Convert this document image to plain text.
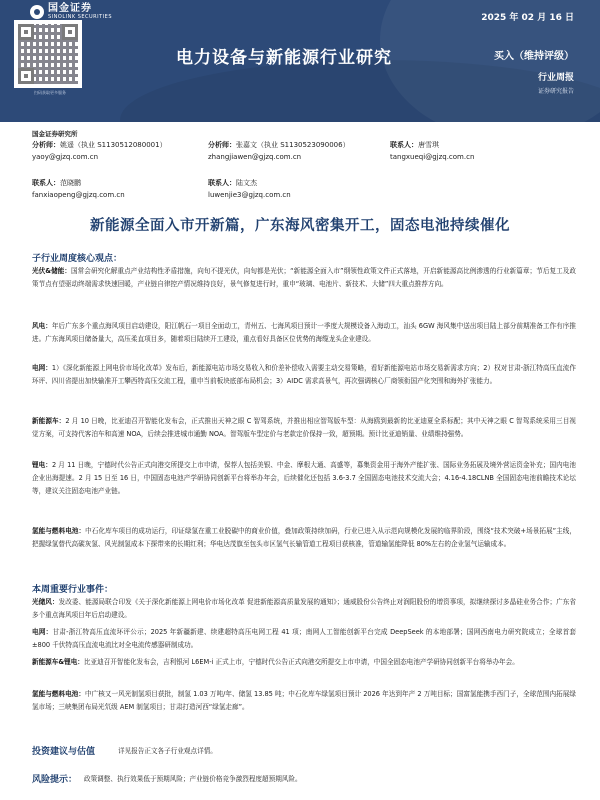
国金证券
SINOLINK SECURITIES
扫码获取更多服务
2025 年 02 月 16 日
电力设备与新能源行业研究	买入（维持评级）
行业周报
证券研究报告
国金证券研究所
分析师：姚遥（执业 S1130512080001）
yaoy@gjzq.com.cn
分析师：张嘉文（执业 S1130523090006）
zhangjiawen@gjzq.com.cn
联系人：唐雪琪
tangxueqi@gjzq.com.cn
联系人：范晓鹏
fanxiaopeng@gjzq.com.cn
联系人：陆文杰
luwenjie3@gjzq.com.cn
新能源全面入市开新篇，广东海风密集开工，固态电池持续催化
子行业周度核心观点：
光伏&储能：国常会研究化解重点产业结构性矛盾措施，向旬不提光伏，向旬都是光伏；“新能源全面入市”纲领性政策文件正式落地，开启新能源高比例渗透的行业新篇章；节后复工及政策节点有望驱动终端需求快速回暖，产业链自律控产情况维持良好，景气修复进行时，重申“玻璃、电池片、新技术、大储”四大重点推荐方向。
风电：年后广东多个重点海风项目启动建设，阳江帆石一项目全面动工，青州五、七海风项目预计一季度大规模设备入海动工，汕头 6GW 海风集中送出项目陆上部分前期准备工作有序推进。广东海风项目储备量大，高压柔直项目多，随着项目陆续开工建设，重点看好具备区位优势的海缆龙头企业建设。
电网：1）《深化新能源上网电价市场化改革》发布后，新能源电站市场交易收入和价差补偿收入需要主动交易策略，看好新能源电站市场交易新需求方向；2）权对甘肃-浙江特高压直流作环评、四川省提出加快输准开工攀西特高压交流工程，重申当前板块底部布局机会；3）AIDC 需求高景气，再次强调核心厂商领衔国产化突围和海外扩张能力。
新能源车：2 月 10 日晚，比亚迪召开智能化发布会，正式推出天神之眼 C 智驾系统，并推出相应智驾版车型：从海鸥到最新的比亚迪夏全系标配；其中天神之眼 C 智驾系统采用三目视觉方案，可支持代客泊车和高速 NOA，后续会推进城市通勤 NOA。智驾版车型定价与老款定价保持一致，超预期。预计比亚迪销量、业绩维持强势。
锂电：2 月 11 日晚，宁德时代公告正式向港交所提交上市申请，保荐人包括美银、中金、摩根大通、高盛等，募集资金用于海外产能扩张、国际业务拓展及境外营运资金补充；国内电池企业出海提速。2 月 15 日至 16 日，中国固态电池产学研协同创新平台将举办年会，后续催化还包括 3.6-3.7 全国固态电池技术交流大会；4.16-4.18CLNB 全国固态电池前瞻技术论坛等，建议关注固态电池产业链。
氢能与燃料电池：中石化库车项目的成功运行，印证绿氢在重工业脱碳中的商业价值，叠加政策持续加码，行业已进入从示范向规模化发展的临界阶段，围绕“技术突破+场景拓展”主线，把握绿氢替代高碳灰氢、风光制氢成本下探带来的长期红利；华电达茂旗至包头市区氢气长输管道工程项目获核准，管道输氢能降低 80%左右的企业氢气运输成本。
本周重要行业事件：
光储风：发改委、能源局联合印发《关于深化新能源上网电价市场化改革 促进新能源高质量发展的通知》；通威股份公告终止对润阳股份的增资事项，拟继续探讨多晶硅业务合作；广东省多个重点海风项目年后启动建设。
电网：甘肃-浙江特高压直流环评公示；2025 年新疆新建、续建超特高压电网工程 41 项；南网人工智能创新平台完成 DeepSeek 的本地部署；国网西南电力研究院成立；全球首套±800 千伏特高压直流电流比对全电流传感器研制成功。
新能源车&锂电：比亚迪召开智能化发布会，吉利银河 L6EM-i 正式上市，宁德时代公告正式向港交所提交上市申请，中国全固态电池产学研协同创新平台将举办年会。
氢能与燃料电池：中广核又一风光制氢项目获批，制氢 1.03 万吨/年、储氢 13.85 吨；中石化库车绿氢项目预计 2026 年达到年产 2 万吨目标；国富氢能携手西门子，全球范围内拓展绿氢市场；三峡集团布局光氘级 AEM 制氢项目；甘肃打造河西“绿氢走廊”。
投资建议与估值	详见报告正文各子行业观点详情。
风险提示： 政策调整、执行效果低于预期风险；产业链价格竞争激烈程度超预期风险。
